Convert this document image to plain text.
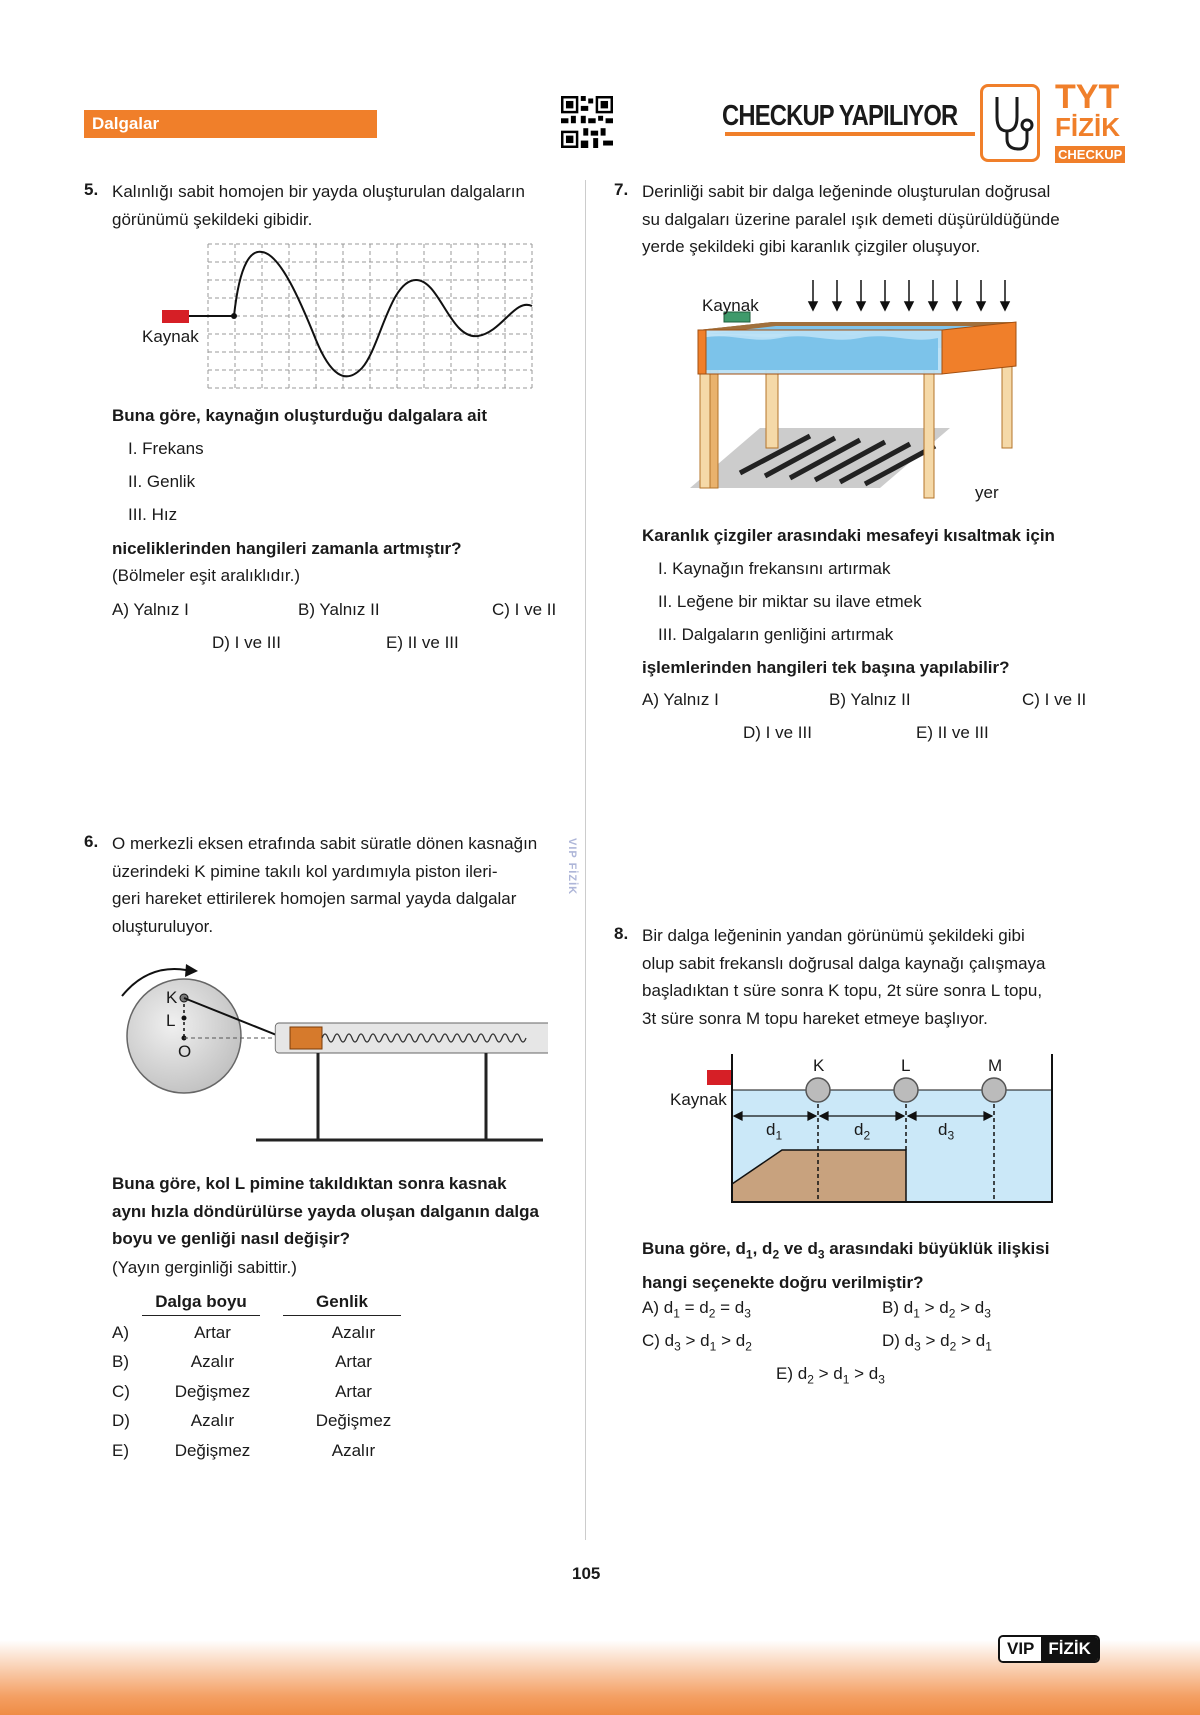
Dalgalar	CHECKUP YAPILIYOR	TYT
FİZİK
CHECKUP
VIP FİZİK
5. Kalınlığı sabit homojen bir yayda oluşturulan dalgaların
görünümü şekildeki gibidir.
Kaynak
Buna göre, kaynağın oluşturduğu dalgalara ait
I. Frekans
II. Genlik
III. Hız
niceliklerinden hangileri zamanla artmıştır?
(Bölmeler eşit aralıklıdır.)
A) Yalnız I	B) Yalnız II	C) I ve II
D) I ve III	E) II ve III
7. Derinliği sabit bir dalga leğeninde oluşturulan doğrusal
su dalgaları üzerine paralel ışık demeti düşürüldüğünde
yerde şekildeki gibi karanlık çizgiler oluşuyor.
Kaynak
yer
Karanlık çizgiler arasındaki mesafeyi kısaltmak için
I. Kaynağın frekansını artırmak
II. Leğene bir miktar su ilave etmek
III. Dalgaların genliğini artırmak
işlemlerinden hangileri tek başına yapılabilir?
A) Yalnız I	B) Yalnız II	C) I ve II
D) I ve III	E) II ve III
6. O merkezli eksen etrafında sabit süratle dönen kasnağın
üzerindeki K pimine takılı kol yardımıyla piston ileri-
geri hareket ettirilerek homojen sarmal yayda dalgalar
oluşturuluyor.
K
L
O
Buna göre, kol L pimine takıldıktan sonra kasnak
aynı hızla döndürülürse yayda oluşan dalganın dalga
boyu ve genliği nasıl değişir?
(Yayın gerginliği sabittir.)
Dalga boyu	Genlik
A)	Artar	Azalır
B)	Azalır	Artar
C)	Değişmez	Artar
D)	Azalır	Değişmez
E)	Değişmez	Azalır
8. Bir dalga leğeninin yandan görünümü şekildeki gibi
olup sabit frekanslı doğrusal dalga kaynağı çalışmaya
başladıktan t süre sonra K topu, 2t süre sonra L topu,
3t süre sonra M topu hareket etmeye başlıyor.
Kaynak
K	L	M
$d_1$	$d_2$	$d_3$
Buna göre, $d_1$, $d_2$ ve $d_3$ arasındaki büyüklük ilişkisi
hangi seçenekte doğru verilmiştir?
A) $d_1 = d_2 = d_3$	B) $d_1 > d_2 > d_3$
C) $d_3 > d_1 > d_2$	D) $d_3 > d_2 > d_1$
E) $d_2 > d_1 > d_3$
105
VIP FİZİK
